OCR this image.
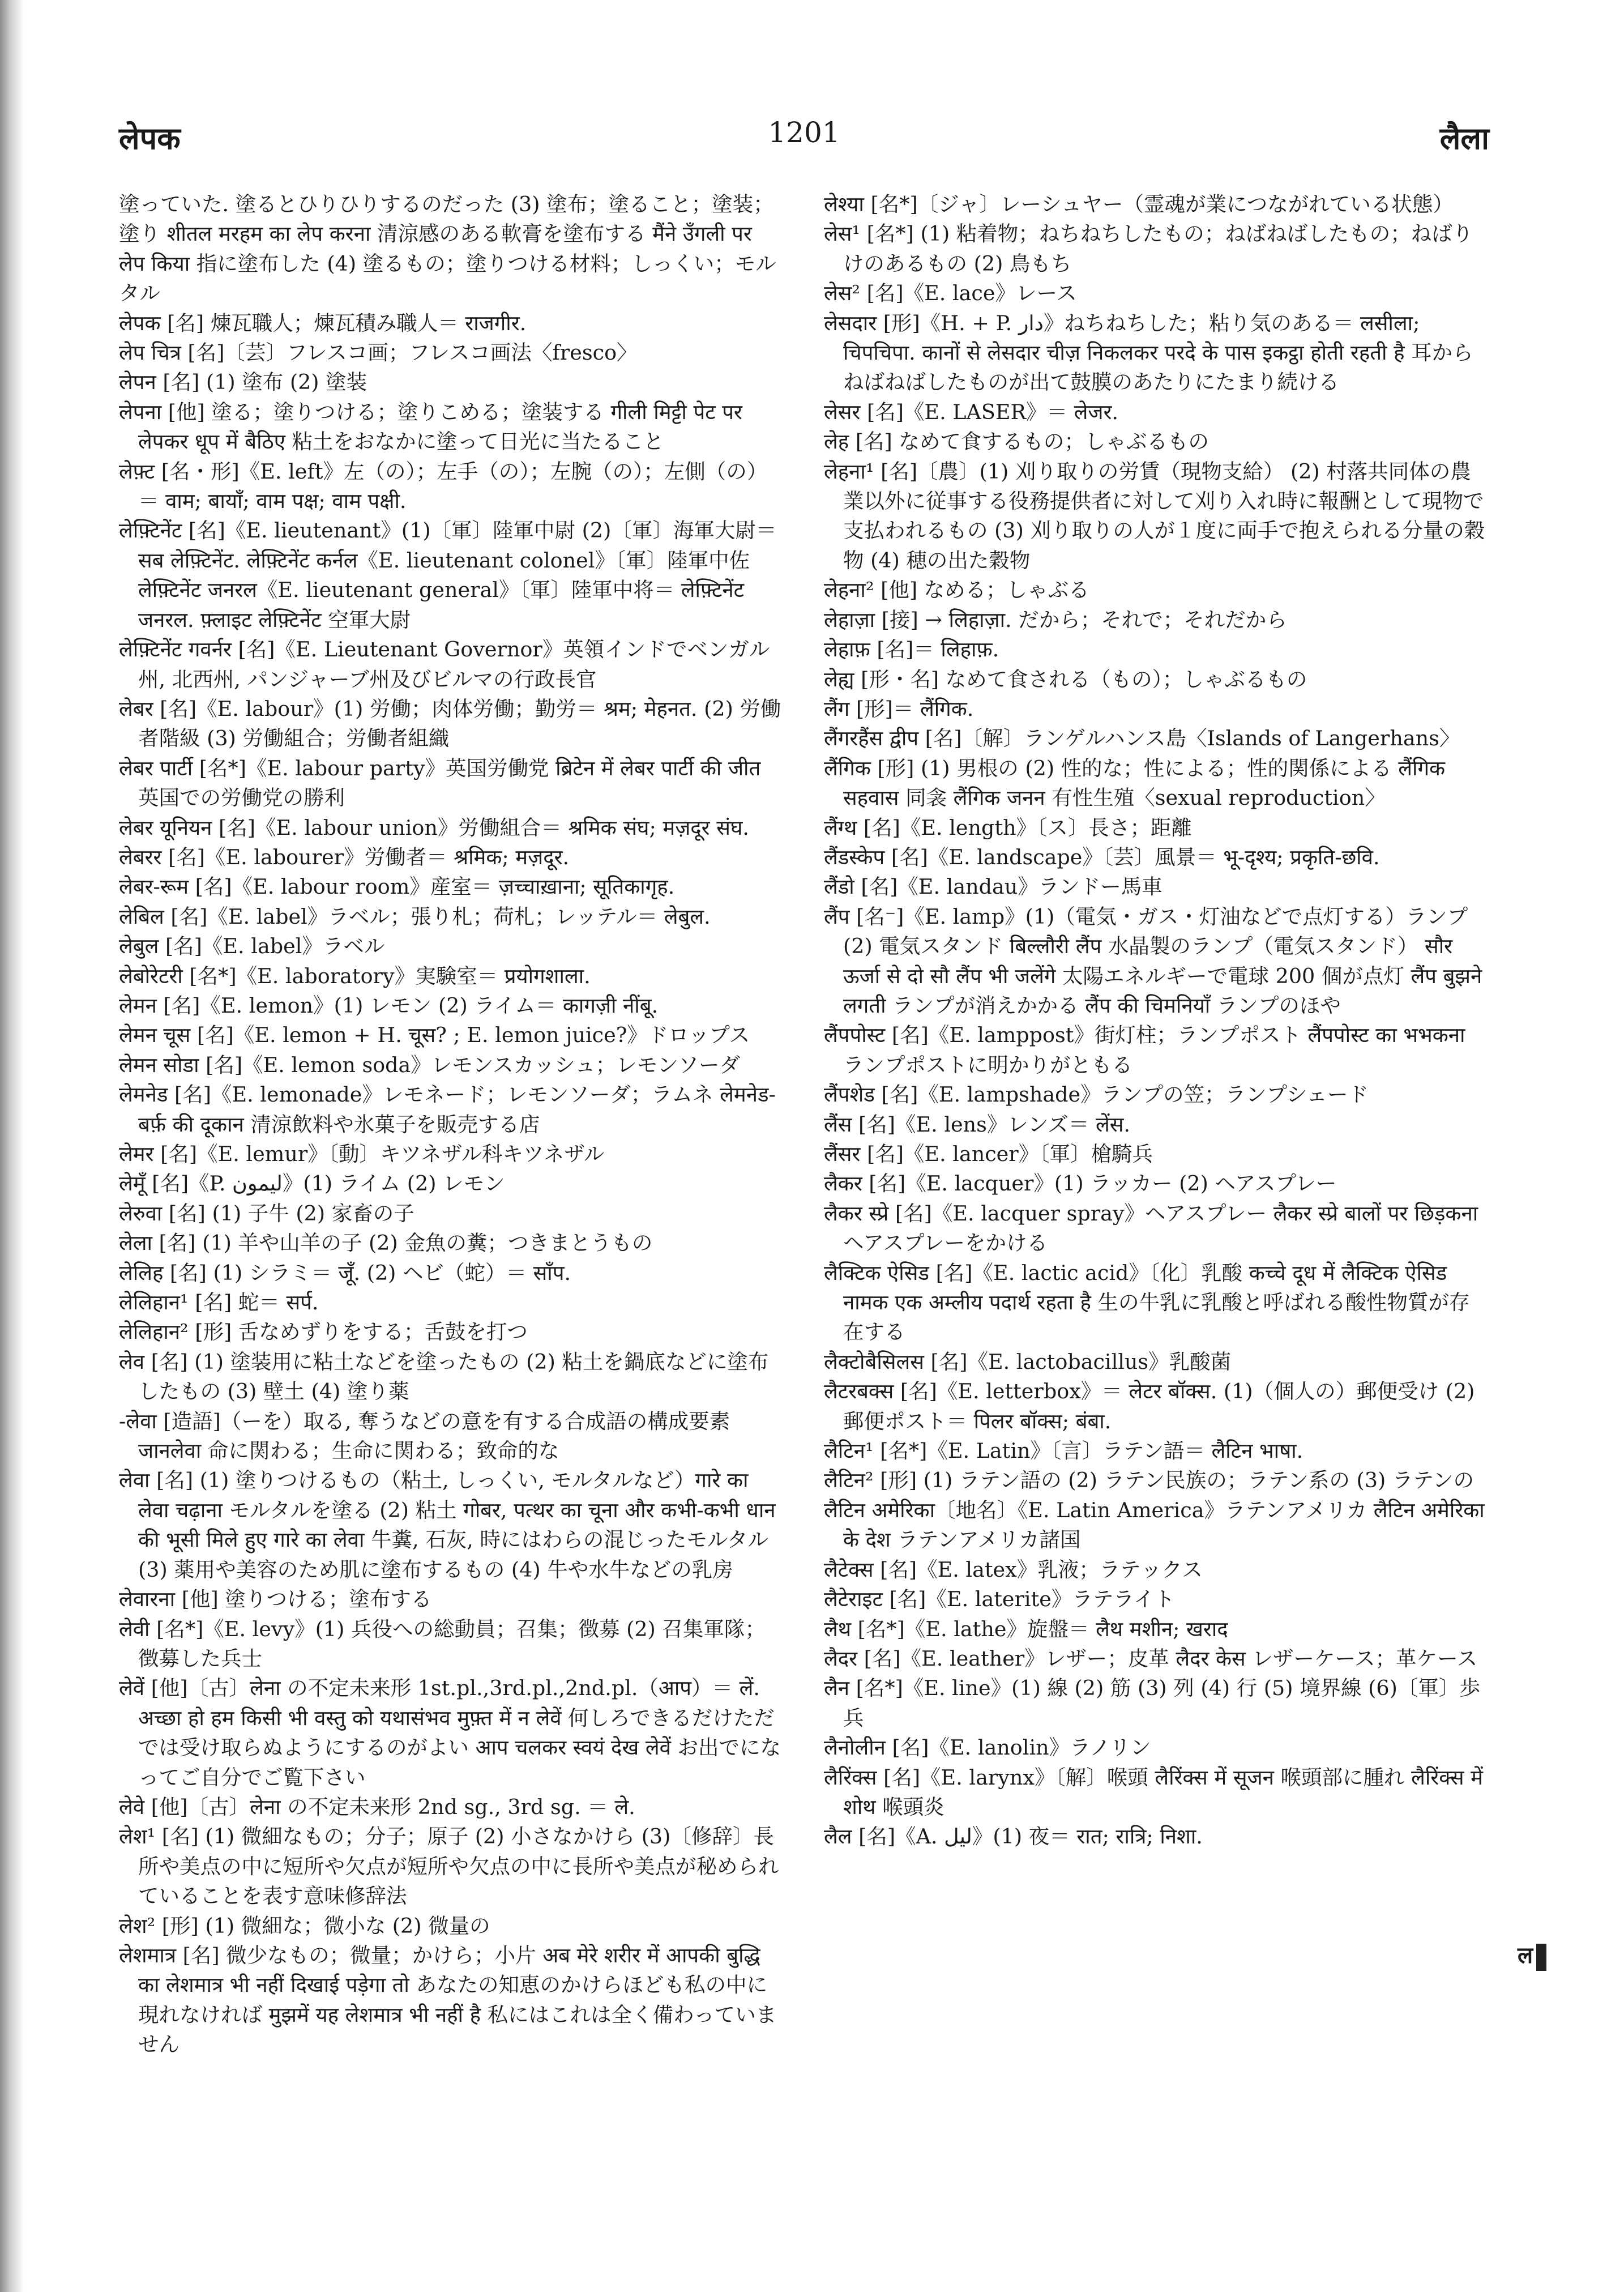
लेपक	1201	लैला

塗っていた. 塗るとひりひりするのだった (3) 塗布；塗ること；塗装；塗り शीतल मरहम का लेप करना 清涼感のある軟膏を塗布する मैंने उँगली पर लेप किया 指に塗布した (4) 塗るもの；塗りつける材料；しっくい；モルタル

लेपक [名] 煉瓦職人；煉瓦積み職人＝ राजगीर.

लेप चित्र [名]〔芸〕フレスコ画；フレスコ画法〈fresco〉

लेपन [名] (1) 塗布 (2) 塗装

लेपना [他] 塗る；塗りつける；塗りこめる；塗装する गीली मिट्टी पेट पर लेपकर धूप में बैठिए 粘土をおなかに塗って日光に当たること

लेफ़्ट [名・形]《E. left》左（の）；左手（の）；左腕（の）；左側（の）＝ वाम; बायाँ; वाम पक्ष; वाम पक्षी.

लेफ़्टिनेंट [名]《E. lieutenant》(1)〔軍〕陸軍中尉 (2)〔軍〕海軍大尉＝ सब लेफ़्टिनेंट. लेफ़्टिनेंट कर्नल《E. lieutenant colonel》〔軍〕陸軍中佐 लेफ़्टिनेंट जनरल《E. lieutenant general》〔軍〕陸軍中将＝ लेफ़्टिनेंट जनरल. फ़्लाइट लेफ़्टिनेंट 空軍大尉

लेफ़्टिनेंट गवर्नर [名]《E. Lieutenant Governor》英領インドでベンガル州, 北西州, パンジャーブ州及びビルマの行政長官

लेबर [名]《E. labour》(1) 労働；肉体労働；勤労＝ श्रम; मेहनत. (2) 労働者階級 (3) 労働組合；労働者組織

लेबर पार्टी [名*]《E. labour party》英国労働党 ब्रिटेन में लेबर पार्टी की जीत 英国での労働党の勝利

लेबर यूनियन [名]《E. labour union》労働組合＝ श्रमिक संघ; मज़दूर संघ.

लेबरर [名]《E. labourer》労働者＝ श्रमिक; मज़दूर.

लेबर-रूम [名]《E. labour room》産室＝ ज़च्चाख़ाना; सूतिकागृह.

लेबिल [名]《E. label》ラベル；張り札；荷札；レッテル＝ लेबुल.

लेबुल [名]《E. label》ラベル

लेबोरेटरी [名*]《E. laboratory》実験室＝ प्रयोगशाला.

लेमन [名]《E. lemon》(1) レモン (2) ライム＝ कागज़ी नींबू.

लेमन चूस [名]《E. lemon + H. चूस? ; E. lemon juice?》ドロップス

लेमन सोडा [名]《E. lemon soda》レモンスカッシュ；レモンソーダ

लेमनेड [名]《E. lemonade》レモネード；レモンソーダ；ラムネ लेमनेड-बर्फ़ की दूकान 清涼飲料や氷菓子を販売する店

लेमर [名]《E. lemur》〔動〕キツネザル科キツネザル

लेमूँ [名]《P. لیمون》(1) ライム (2) レモン

लेरुवा [名] (1) 子牛 (2) 家畜の子

लेला [名] (1) 羊や山羊の子 (2) 金魚の糞；つきまとうもの

लेलिह [名] (1) シラミ＝ जूँ. (2) ヘビ（蛇）＝ साँप.

लेलिहान¹ [名] 蛇＝ सर्प.

लेलिहान² [形] 舌なめずりをする；舌鼓を打つ

लेव [名] (1) 塗装用に粘土などを塗ったもの (2) 粘土を鍋底などに塗布したもの (3) 壁土 (4) 塗り薬

-लेवा [造語]（ーを）取る, 奪うなどの意を有する合成語の構成要素 जानलेवा 命に関わる；生命に関わる；致命的な

लेवा [名] (1) 塗りつけるもの（粘土, しっくい, モルタルなど）गारे का लेवा चढ़ाना モルタルを塗る (2) 粘土 गोबर, पत्थर का चूना और कभी-कभी धान की भूसी मिले हुए गारे का लेवा 牛糞, 石灰, 時にはわらの混じったモルタル (3) 薬用や美容のため肌に塗布するもの (4) 牛や水牛などの乳房

लेवारना [他] 塗りつける；塗布する

लेवी [名*]《E. levy》(1) 兵役への総動員；召集；徴募 (2) 召集軍隊；徴募した兵士

लेवें [他]〔古〕लेना の不定未来形 1st.pl.,3rd.pl.,2nd.pl.（आप）＝ लें. अच्छा हो हम किसी भी वस्तु को यथासंभव मुफ़्त में न लेवें 何しろできるだけただでは受け取らぬようにするのがよい आप चलकर स्वयं देख लेवें お出でになってご自分でご覧下さい

लेवे [他]〔古〕लेना の不定未来形 2nd sg., 3rd sg. ＝ ले.

लेश¹ [名] (1) 微細なもの；分子；原子 (2) 小さなかけら (3)〔修辞〕長所や美点の中に短所や欠点が短所や欠点の中に長所や美点が秘められていることを表す意味修辞法

लेश² [形] (1) 微細な；微小な (2) 微量の

लेशमात्र [名] 微少なもの；微量；かけら；小片 अब मेरे शरीर में आपकी बुद्धि का लेशमात्र भी नहीं दिखाई पड़ेगा तो あなたの知恵のかけらほども私の中に現れなければ मुझमें यह लेशमात्र भी नहीं है 私にはこれは全く備わっていません

लेश्या [名*]〔ジャ〕レーシュヤー（霊魂が業につながれている状態）

लेस¹ [名*] (1) 粘着物；ねちねちしたもの；ねばねばしたもの；ねばりけのあるもの (2) 鳥もち

लेस² [名]《E. lace》レース

लेसदार [形]《H. + P. دار》ねちねちした；粘り気のある＝ लसीला; चिपचिपा. कानों से लेसदार चीज़ निकलकर परदे के पास इकट्ठा होती रहती है 耳からねばねばしたものが出て鼓膜のあたりにたまり続ける

लेसर [名]《E. LASER》＝ लेजर.

लेह [名] なめて食するもの；しゃぶるもの

लेहना¹ [名]〔農〕(1) 刈り取りの労賃（現物支給） (2) 村落共同体の農業以外に従事する役務提供者に対して刈り入れ時に報酬として現物で支払われるもの (3) 刈り取りの人が１度に両手で抱えられる分量の穀物 (4) 穂の出た穀物

लेहना² [他] なめる；しゃぶる

लेहाज़ा [接] → लिहाज़ा. だから；それで；それだから

लेहाफ़ [名]＝ लिहाफ़.

लेह्य [形・名] なめて食される（もの）；しゃぶるもの

लैंग [形]＝ लैंगिक.

लैंगरहैंस द्वीप [名]〔解〕ランゲルハンス島〈Islands of Langerhans〉

लैंगिक [形] (1) 男根の (2) 性的な；性による；性的関係による लैंगिक सहवास 同衾 लैंगिक जनन 有性生殖〈sexual reproduction〉

लैंग्थ [名]《E. length》〔ス〕長さ；距離

लैंडस्केप [名]《E. landscape》〔芸〕風景＝ भू-दृश्य; प्रकृति-छवि.

लैंडो [名]《E. landau》ランドー馬車

लैंप [名⁻]《E. lamp》(1)（電気・ガス・灯油などで点灯する）ランプ (2) 電気スタンド बिल्लौरी लैंप 水晶製のランプ（電気スタンド） सौर ऊर्जा से दो सौ लैंप भी जलेंगे 太陽エネルギーで電球 200 個が点灯 लैंप बुझने लगती ランプが消えかかる लैंप की चिमनियाँ ランプのほや

लैंपपोस्ट [名]《E. lamppost》街灯柱；ランプポスト लैंपपोस्ट का भभकना ランプポストに明かりがともる

लैंपशेड [名]《E. lampshade》ランプの笠；ランプシェード

लैंस [名]《E. lens》レンズ＝ लेंस.

लैंसर [名]《E. lancer》〔軍〕槍騎兵

लैकर [名]《E. lacquer》(1) ラッカー (2) ヘアスプレー

लैकर स्प्रे [名]《E. lacquer spray》ヘアスプレー लैकर स्प्रे बालों पर छिड़कना ヘアスプレーをかける

लैक्टिक ऐसिड [名]《E. lactic acid》〔化〕乳酸 कच्चे दूध में लैक्टिक ऐसिड नामक एक अम्लीय पदार्थ रहता है 生の牛乳に乳酸と呼ばれる酸性物質が存在する

लैक्टोबैसिलस [名]《E. lactobacillus》乳酸菌

लैटरबक्स [名]《E. letterbox》＝ लेटर बॉक्स. (1)（個人の）郵便受け (2) 郵便ポスト＝ पिलर बॉक्स; बंबा.

लैटिन¹ [名*]《E. Latin》〔言〕ラテン語＝ लैटिन भाषा.

लैटिन² [形] (1) ラテン語の (2) ラテン民族の；ラテン系の (3) ラテンの

लैटिन अमेरिका〔地名〕《E. Latin America》ラテンアメリカ लैटिन अमेरिका के देश ラテンアメリカ諸国

लैटेक्स [名]《E. latex》乳液；ラテックス

लैटेराइट [名]《E. laterite》ラテライト

लैथ [名*]《E. lathe》旋盤＝ लैथ मशीन; खराद

लैदर [名]《E. leather》レザー；皮革 लैदर केस レザーケース；革ケース

लैन [名*]《E. line》(1) 線 (2) 筋 (3) 列 (4) 行 (5) 境界線 (6)〔軍〕歩兵

लैनोलीन [名]《E. lanolin》ラノリン

लैरिंक्स [名]《E. larynx》〔解〕喉頭 लैरिंक्स में सूजन 喉頭部に腫れ लैरिंक्स में शोथ 喉頭炎

लैल [名]《A. لیل》(1) 夜＝ रात; रात्रि; निशा.

ल
